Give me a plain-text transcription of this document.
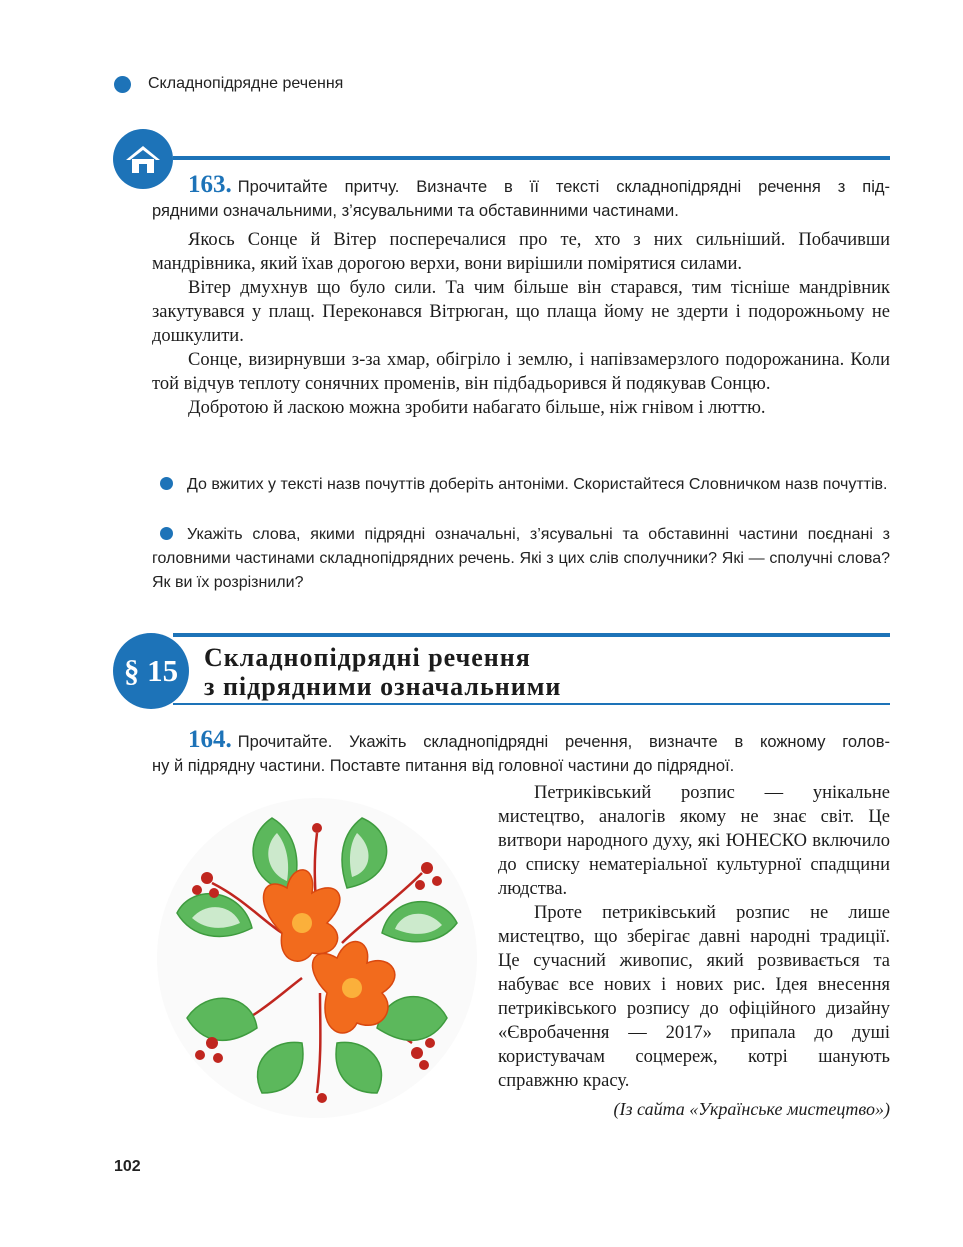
Складнопідрядне речення
163. Прочитайте притчу. Визначте в її тексті складнопідрядні речення з під-
рядними означальними, з’ясувальними та обставинними частинами.

Якось Сонце й Вітер посперечалися про те, хто з них сильніший. Побачивши мандрівника, який їхав дорогою верхи, вони вирішили помірятися силами.

Вітер дмухнув що було сили. Та чим більше він старався, тим тісніше мандрівник закутувався у плащ. Переконався Вітрюган, що плаща йому не здерти і подорожньому не дошкулити.

Сонце, визирнувши з-за хмар, обігріло і землю, і напівзамерзлого подорожанина. Коли той відчув теплоту сонячних променів, він підбадьорився й подякував Сонцю.

Добротою й ласкою можна зробити набагато більше, ніж гнівом і люттю.

До вжитих у тексті назв почуттів доберіть антоніми. Скористайтеся Словничком назв почуттів.
Укажіть слова, якими підрядні означальні, з’ясувальні та обставинні частини поєднані з головними частинами складнопідрядних речень. Які з цих слів сполучники? Які — сполучні слова? Як ви їх розрізнили?
§ 15 Складнопідрядні речення
з підрядними означальними
164. Прочитайте. Укажіть складнопідрядні речення, визначте в кожному голов-
ну й підрядну частини. Поставте питання від головної частини до підрядної.

Петриківський розпис — унікальне мистецтво, аналогів якому не знає світ. Це витвори народного духу, які ЮНЕСКО включило до списку нематеріальної культурної спадщини людства.

Проте петриківський розпис не лише мистецтво, що зберігає давні народні традиції. Це сучасний живопис, який розвивається та набуває все нових і нових рис. Ідея внесення петриківського розпису до офіційного дизайну «Євробачення — 2017» припала до душі користувачам соцмереж, котрі шанують справжню красу.

(Із сайта «Українське мистецтво»)
102
